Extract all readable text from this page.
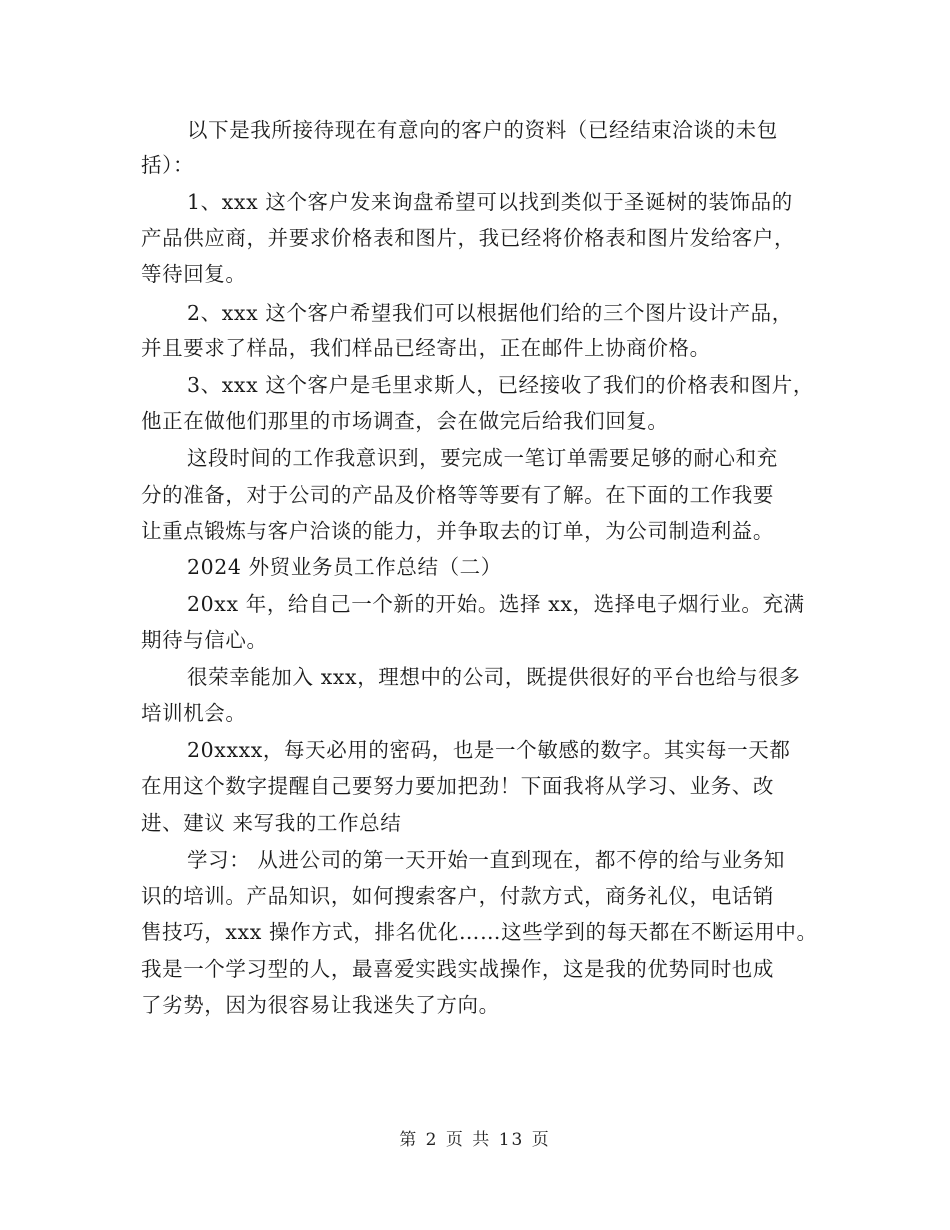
以下是我所接待现在有意向的客户的资料（已经结束洽谈的未包
括）：
1、xxx 这个客户发来询盘希望可以找到类似于圣诞树的装饰品的
产品供应商，并要求价格表和图片，我已经将价格表和图片发给客户，
等待回复。
2、xxx 这个客户希望我们可以根据他们给的三个图片设计产品，
并且要求了样品，我们样品已经寄出，正在邮件上协商价格。
3、xxx 这个客户是毛里求斯人，已经接收了我们的价格表和图片，
他正在做他们那里的市场调查，会在做完后给我们回复。
这段时间的工作我意识到，要完成一笔订单需要足够的耐心和充
分的准备，对于公司的产品及价格等等要有了解。在下面的工作我要
让重点锻炼与客户洽谈的能力，并争取去的订单，为公司制造利益。
2024 外贸业务员工作总结（二）
20xx 年，给自己一个新的开始。选择 xx，选择电子烟行业。充满
期待与信心。
很荣幸能加入 xxx，理想中的公司，既提供很好的平台也给与很多
培训机会。
20xxxx，每天必用的密码，也是一个敏感的数字。其实每一天都
在用这个数字提醒自己要努力要加把劲！下面我将从学习、业务、改
进、建议 来写我的工作总结
学习： 从进公司的第一天开始一直到现在，都不停的给与业务知
识的培训。产品知识，如何搜索客户，付款方式，商务礼仪，电话销
售技巧，xxx 操作方式，排名优化……这些学到的每天都在不断运用中。
我是一个学习型的人，最喜爱实践实战操作，这是我的优势同时也成
了劣势，因为很容易让我迷失了方向。
第 2 页 共 13 页
